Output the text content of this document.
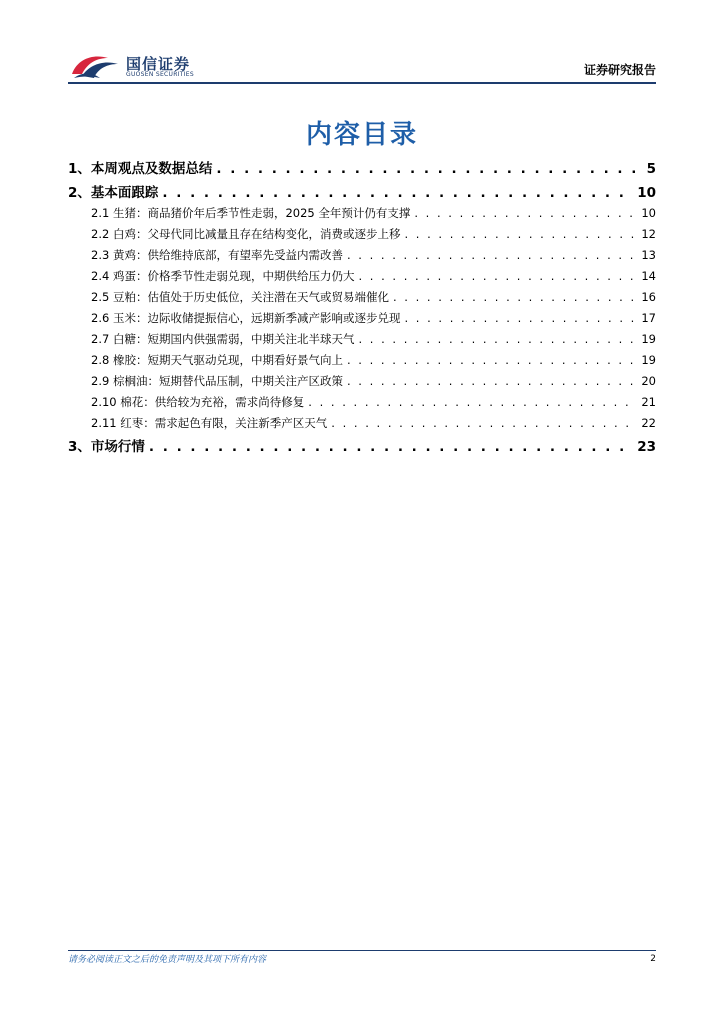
国信证券
GUOSEN SECURITIES	证券研究报告
内容目录
1、本周观点及数据总结 . . .	5
2、基本面跟踪 . . .	10
2.1 生猪：商品猪价年后季节性走弱，2025 全年预计仍有支撑 . . .	10
2.2 白鸡：父母代同比减量且存在结构变化，消费或逐步上移 . . .	12
2.3 黄鸡：供给维持底部，有望率先受益内需改善 . . .	13
2.4 鸡蛋：价格季节性走弱兑现，中期供给压力仍大 . . .	14
2.5 豆粕：估值处于历史低位，关注潜在天气或贸易端催化 . . .	16
2.6 玉米：边际收储提振信心，远期新季减产影响或逐步兑现 . . .	17
2.7 白糖：短期国内供强需弱，中期关注北半球天气 . . .	19
2.8 橡胶：短期天气驱动兑现，中期看好景气向上 . . .	19
2.9 棕榈油：短期替代品压制，中期关注产区政策 . . .	20
2.10 棉花：供给较为充裕，需求尚待修复 . . .	21
2.11 红枣：需求起色有限，关注新季产区天气 . . .	22
3、市场行情 . . .	23
请务必阅读正文之后的免责声明及其项下所有内容	2
